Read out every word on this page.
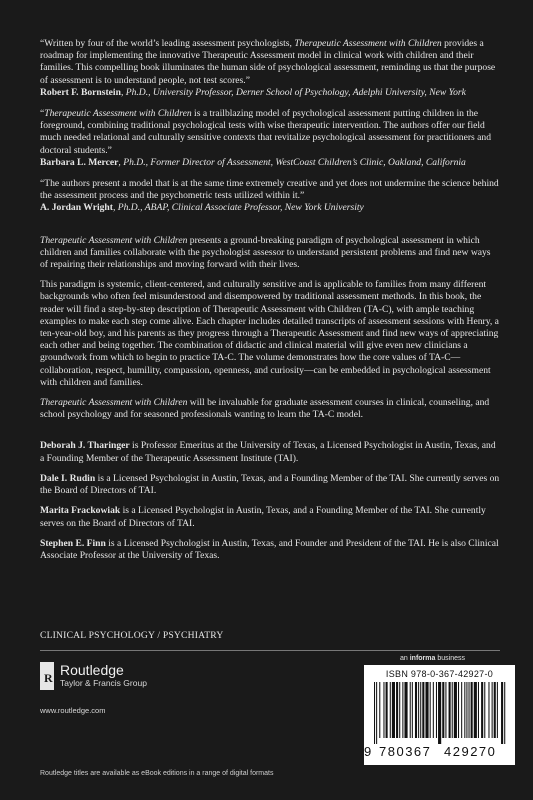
“Written by four of the world’s leading assessment psychologists, Therapeutic Assessment with Children provides a roadmap for implementing the innovative Therapeutic Assessment model in clinical work with children and their families. This compelling book illuminates the human side of psychological assessment, reminding us that the purpose of assessment is to understand people, not test scores.”

Robert F. Bornstein, Ph.D., University Professor, Derner School of Psychology, Adelphi University, New York

“Therapeutic Assessment with Children is a trailblazing model of psychological assessment putting children in the foreground, combining traditional psychological tests with wise therapeutic intervention. The authors offer our field much needed relational and culturally sensitive contexts that revitalize psychological assessment for practitioners and doctoral students.”

Barbara L. Mercer, Ph.D., Former Director of Assessment, WestCoast Children’s Clinic, Oakland, California

“The authors present a model that is at the same time extremely creative and yet does not undermine the science behind the assessment process and the psychometric tests utilized within it.”

A. Jordan Wright, Ph.D., ABAP, Clinical Associate Professor, New York University

Therapeutic Assessment with Children presents a ground-breaking paradigm of psychological assessment in which children and families collaborate with the psychologist assessor to understand persistent problems and find new ways of repairing their relationships and moving forward with their lives.

This paradigm is systemic, client-centered, and culturally sensitive and is applicable to families from many different backgrounds who often feel misunderstood and disempowered by traditional assessment methods. In this book, the reader will find a step-by-step description of Therapeutic Assessment with Children (TA-C), with ample teaching examples to make each step come alive. Each chapter includes detailed transcripts of assessment sessions with Henry, a ten-year-old boy, and his parents as they progress through a Therapeutic Assessment and find new ways of appreciating each other and being together. The combination of didactic and clinical material will give even new clinicians a groundwork from which to begin to practice TA-C. The volume demonstrates how the core values of TA-C—collaboration, respect, humility, compassion, openness, and curiosity—can be embedded in psychological assessment with children and families.

Therapeutic Assessment with Children will be invaluable for graduate assessment courses in clinical, counseling, and school psychology and for seasoned professionals wanting to learn the TA-C model.

Deborah J. Tharinger is Professor Emeritus at the University of Texas, a Licensed Psychologist in Austin, Texas, and a Founding Member of the Therapeutic Assessment Institute (TAI).

Dale I. Rudin is a Licensed Psychologist in Austin, Texas, and a Founding Member of the TAI. She currently serves on the Board of Directors of TAI.

Marita Frackowiak is a Licensed Psychologist in Austin, Texas, and a Founding Member of the TAI. She currently serves on the Board of Directors of TAI.

Stephen E. Finn is a Licensed Psychologist in Austin, Texas, and Founder and President of the TAI. He is also Clinical Associate Professor at the University of Texas.

CLINICAL PSYCHOLOGY / PSYCHIATRY
an informa business
R Routledge
Taylor & Francis Group
www.routledge.com
ISBN 978-0-367-42927-0
9 780367 429270
Routledge titles are available as eBook editions in a range of digital formats
